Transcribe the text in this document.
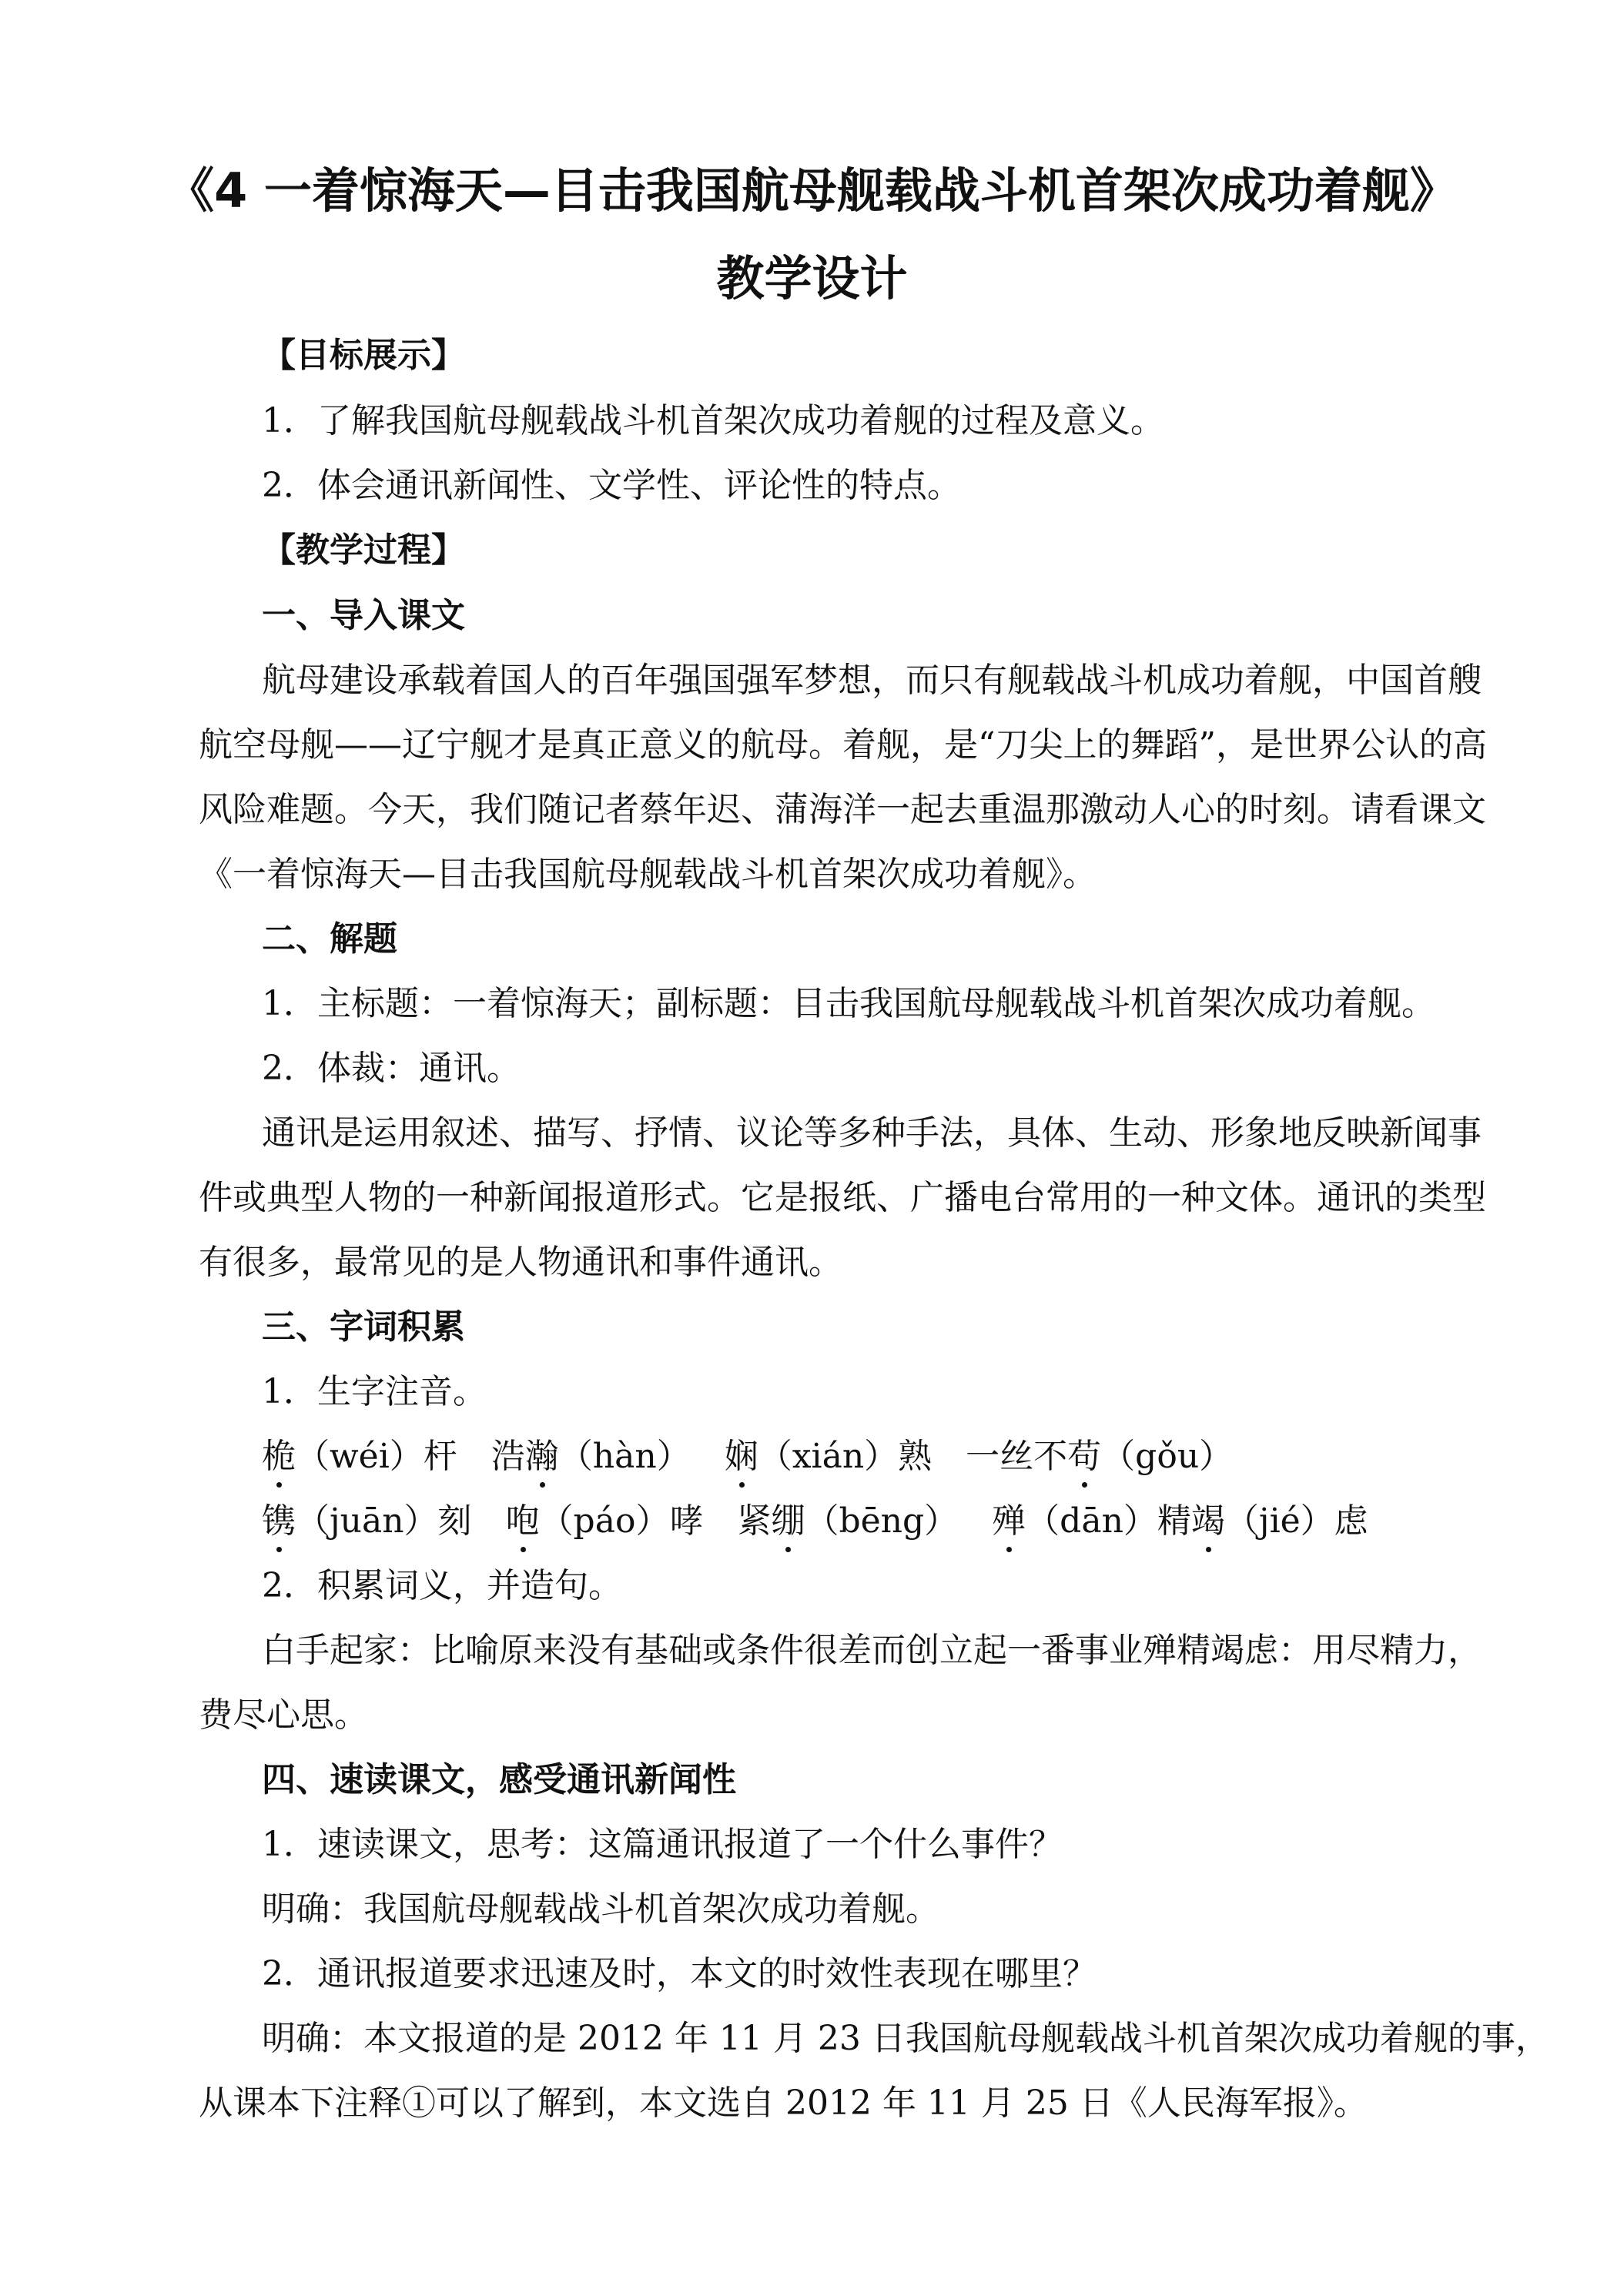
《4 一着惊海天—目击我国航母舰载战斗机首架次成功着舰》
教学设计

【目标展示】

1．了解我国航母舰载战斗机首架次成功着舰的过程及意义。

2．体会通讯新闻性、文学性、评论性的特点。

【教学过程】

一、导入课文

航母建设承载着国人的百年强国强军梦想，而只有舰载战斗机成功着舰，中国首艘

航空母舰——辽宁舰才是真正意义的航母。着舰，是“刀尖上的舞蹈”，是世界公认的高

风险难题。今天，我们随记者蔡年迟、蒲海洋一起去重温那激动人心的时刻。请看课文

《一着惊海天—目击我国航母舰载战斗机首架次成功着舰》。

二、解题

1．主标题：一着惊海天；副标题：目击我国航母舰载战斗机首架次成功着舰。

2．体裁：通讯。

通讯是运用叙述、描写、抒情、议论等多种手法，具体、生动、形象地反映新闻事

件或典型人物的一种新闻报道形式。它是报纸、广播电台常用的一种文体。通讯的类型

有很多，最常见的是人物通讯和事件通讯。

三、字词积累

1．生字注音。

桅（wéi）杆 浩瀚（hàn） 娴（xián）熟 一丝不苟（gǒu）

镌（juān）刻 咆（páo）哮 紧绷（bēng） 殚（dān）精竭（jié）虑

2．积累词义，并造句。

白手起家：比喻原来没有基础或条件很差而创立起一番事业殚精竭虑：用尽精力，

费尽心思。

四、速读课文，感受通讯新闻性

1．速读课文，思考：这篇通讯报道了一个什么事件？

明确：我国航母舰载战斗机首架次成功着舰。

2．通讯报道要求迅速及时，本文的时效性表现在哪里？

明确：本文报道的是 2012 年 11 月 23 日我国航母舰载战斗机首架次成功着舰的事，

从课本下注释①可以了解到，本文选自 2012 年 11 月 25 日《人民海军报》。
